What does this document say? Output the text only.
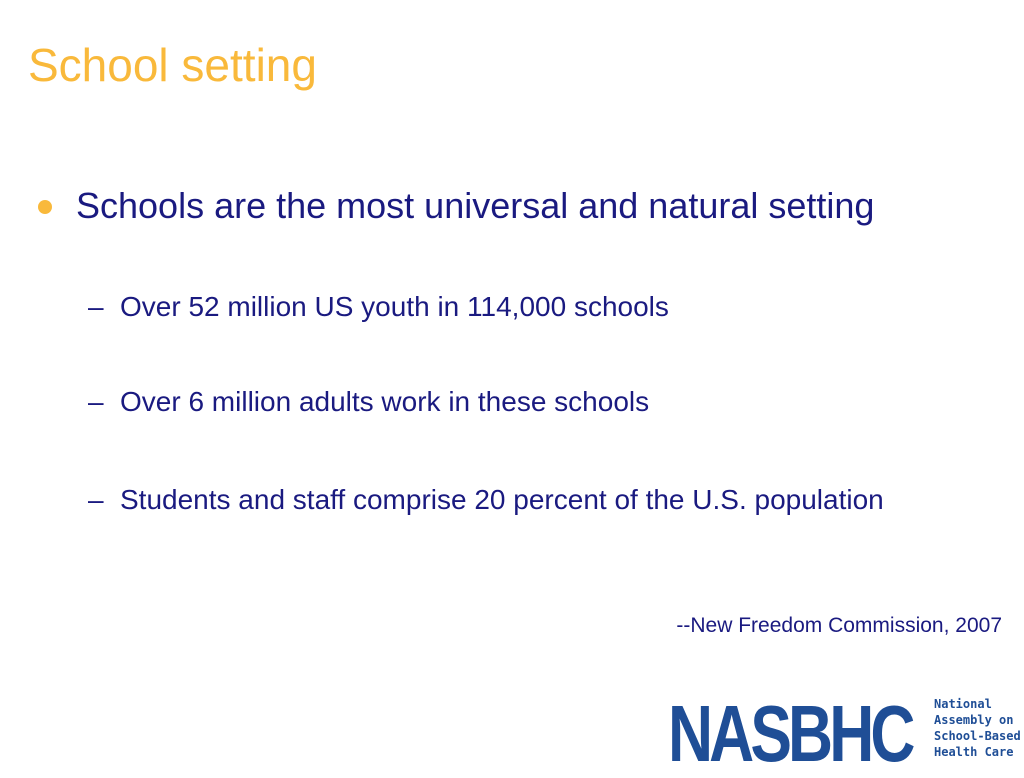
School setting
Schools are the most universal and natural setting
– Over 52 million US youth in 114,000 schools
– Over 6 million adults work in these schools
– Students and staff comprise 20 percent of the U.S. population
--New Freedom Commission, 2007
NASBHC National
Assembly on
School-Based
Health Care
